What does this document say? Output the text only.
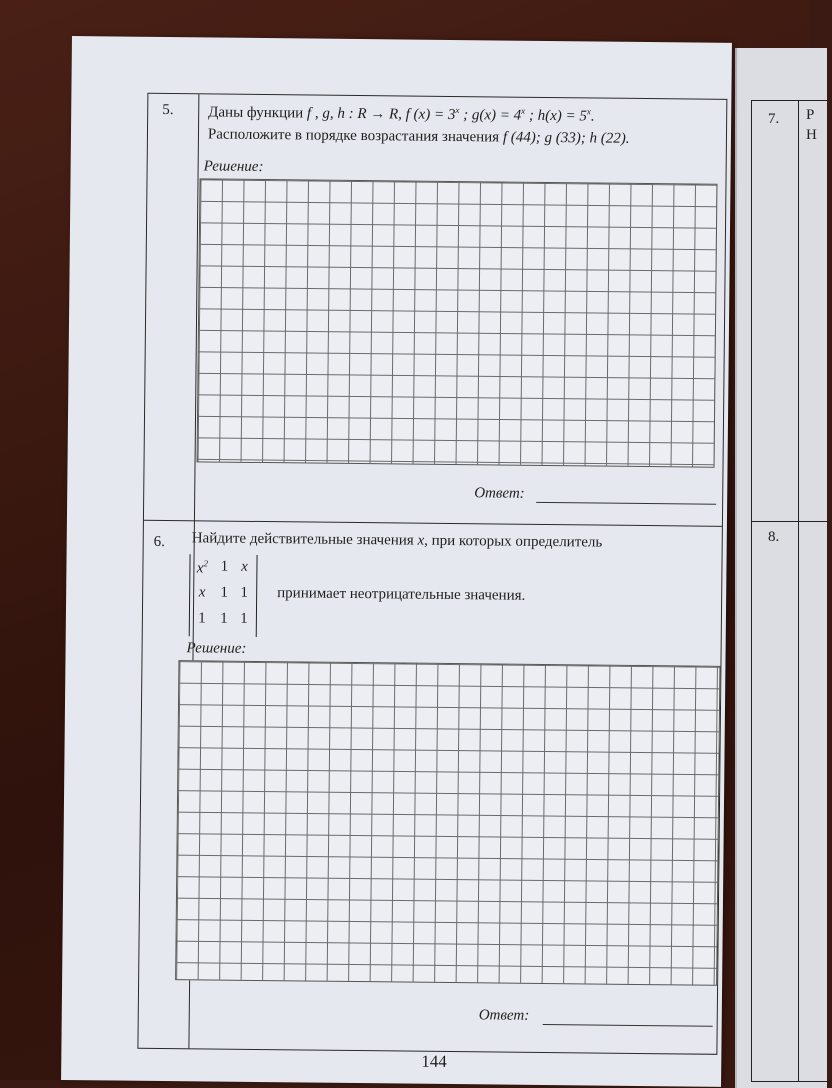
7. Р
Н
8.
5. Даны функции f , g, h : R → R, f $(x) = 3^x$ ; $g(x) = 4^x$ ; $h(x) = 5^x$.
Расположите в порядке возрастания значения f (44); g (33); h (22).
Решение:
Ответ:
6. Найдите действительные значения x, при которых определитель
$x^2$ 1 x
x 1 1
1 1 1
принимает неотрицательные значения.
Решение:
Ответ:
144
